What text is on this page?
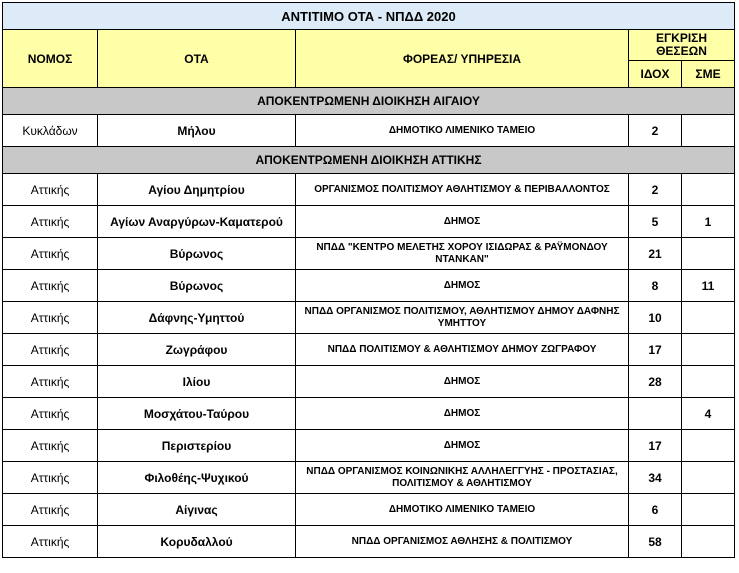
ΑΝΤΙΤΙΜΟ ΟΤΑ - ΝΠΔΔ 2020				
ΝΟΜΟΣ	ΟΤΑ	ΦΟΡΕΑΣ/ ΥΠΗΡΕΣΙΑ	ΕΓΚΡΙΣΗ ΘΕΣΕΩΝ	
			ΙΔΟΧ	ΣΜΕ
ΑΠΟΚΕΝΤΡΩΜΕΝΗ ΔΙΟΙΚΗΣΗ ΑΙΓΑΙΟΥ				
Κυκλάδων	Μήλου	ΔΗΜΟΤΙΚΟ ΛΙΜΕΝΙΚΟ ΤΑΜΕΙΟ	2	
ΑΠΟΚΕΝΤΡΩΜΕΝΗ ΔΙΟΙΚΗΣΗ ΑΤΤΙΚΗΣ				
Αττικής	Αγίου Δημητρίου	ΟΡΓΑΝΙΣΜΟΣ ΠΟΛΙΤΙΣΜΟΥ ΑΘΛΗΤΙΣΜΟΥ & ΠΕΡΙΒΑΛΛΟΝΤΟΣ	2	
Αττικής	Αγίων Αναργύρων-Καματερού	ΔΗΜΟΣ	5	1
Αττικής	Βύρωνος	ΝΠΔΔ "ΚΕΝΤΡΟ ΜΕΛΕΤΗΣ ΧΟΡΟΥ ΙΣΙΔΩΡΑΣ & ΡΑΫΜΟΝΔΟΥ ΝΤΑΝΚΑΝ"	21	
Αττικής	Βύρωνος	ΔΗΜΟΣ	8	11
Αττικής	Δάφνης-Υμηττού	ΝΠΔΔ ΟΡΓΑΝΙΣΜΟΣ ΠΟΛΙΤΙΣΜΟΥ, ΑΘΛΗΤΙΣΜΟΥ ΔΗΜΟΥ ΔΑΦΝΗΣ ΥΜΗΤΤΟΥ	10	
Αττικής	Ζωγράφου	ΝΠΔΔ ΠΟΛΙΤΙΣΜΟΥ & ΑΘΛΗΤΙΣΜΟΥ ΔΗΜΟΥ ΖΩΓΡΑΦΟΥ	17	
Αττικής	Ιλίου	ΔΗΜΟΣ	28	
Αττικής	Μοσχάτου-Ταύρου	ΔΗΜΟΣ		4
Αττικής	Περιστερίου	ΔΗΜΟΣ	17	
Αττικής	Φιλοθέης-Ψυχικού	ΝΠΔΔ ΟΡΓΑΝΙΣΜΟΣ ΚΟΙΝΩΝΙΚΗΣ ΑΛΛΗΛΕΓΓΥΗΣ - ΠΡΟΣΤΑΣΙΑΣ, ΠΟΛΙΤΙΣΜΟΥ & ΑΘΛΗΤΙΣΜΟΥ	34	
Αττικής	Αίγινας	ΔΗΜΟΤΙΚΟ ΛΙΜΕΝΙΚΟ ΤΑΜΕΙΟ	6	
Αττικής	Κορυδαλλού	ΝΠΔΔ ΟΡΓΑΝΙΣΜΟΣ ΑΘΛΗΣΗΣ & ΠΟΛΙΤΙΣΜΟΥ	58	
